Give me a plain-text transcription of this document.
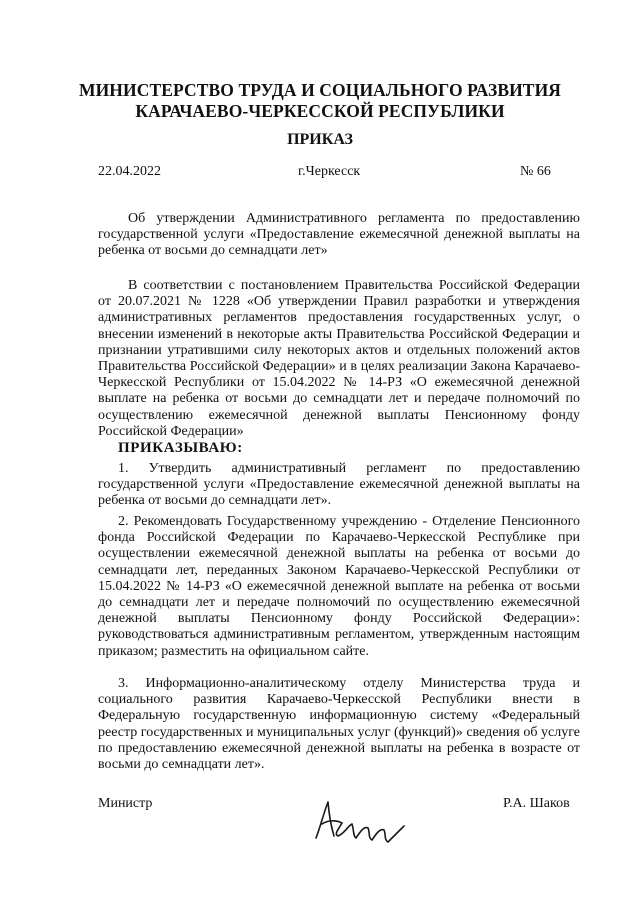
МИНИСТЕРСТВО ТРУДА И СОЦИАЛЬНОГО РАЗВИТИЯ
КАРАЧАЕВО-ЧЕРКЕССКОЙ РЕСПУБЛИКИ
ПРИКАЗ
22.04.2022	г.Черкесск	№ 66

Об утверждении Административного регламента по предоставлению государственной услуги «Предоставление ежемесячной денежной выплаты на ребенка от восьми до семнадцати лет»

В соответствии с постановлением Правительства Российской Федерации от 20.07.2021 № 1228 «Об утверждении Правил разработки и утверждения административных регламентов предоставления государственных услуг, о внесении изменений в некоторые акты Правительства Российской Федерации и признании утратившими силу некоторых актов и отдельных положений актов Правительства Российской Федерации» и в целях реализации Закона Карачаево-Черкесской Республики от 15.04.2022 № 14-РЗ «О ежемесячной денежной выплате на ребенка от восьми до семнадцати лет и передаче полномочий по осуществлению ежемесячной денежной выплаты Пенсионному фонду Российской Федерации»

ПРИКАЗЫВАЮ:

1. Утвердить административный регламент по предоставлению государственной услуги «Предоставление ежемесячной денежной выплаты на ребенка от восьми до семнадцати лет».

2. Рекомендовать Государственному учреждению - Отделение Пенсионного фонда Российской Федерации по Карачаево-Черкесской Республике при осуществлении ежемесячной денежной выплаты на ребенка от восьми до семнадцати лет, переданных Законом Карачаево-Черкесской Республики от 15.04.2022 № 14-РЗ «О ежемесячной денежной выплате на ребенка от восьми до семнадцати лет и передаче полномочий по осуществлению ежемесячной денежной выплаты Пенсионному фонду Российской Федерации»: руководствоваться административным регламентом, утвержденным настоящим приказом; разместить на официальном сайте.

3. Информационно-аналитическому отделу Министерства труда и социального развития Карачаево-Черкесской Республики внести в Федеральную государственную информационную систему «Федеральный реестр государственных и муниципальных услуг (функций)» сведения об услуге по предоставлению ежемесячной денежной выплаты на ребенка в возрасте от восьми до семнадцати лет».

Министр	Р.А. Шаков
